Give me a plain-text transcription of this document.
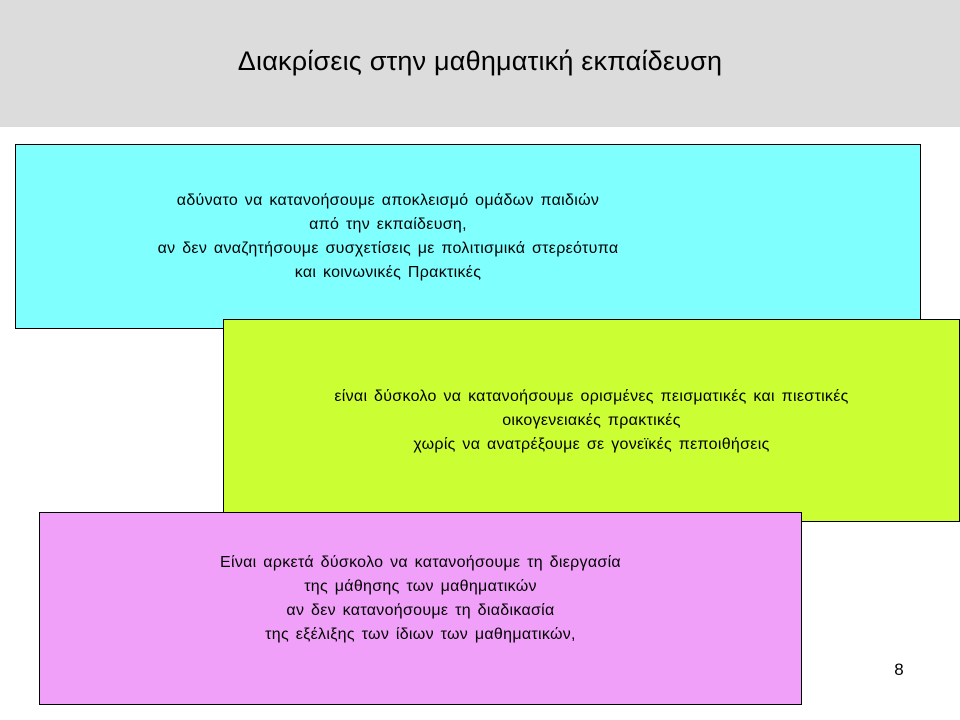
Διακρίσεις στην μαθηματική εκπαίδευση
αδύνατο να κατανοήσουμε αποκλεισμό ομάδων παιδιών
από την εκπαίδευση,
αν δεν αναζητήσουμε συσχετίσεις με πολιτισμικά στερεότυπα
και κοινωνικές Πρακτικές
είναι δύσκολο να κατανοήσουμε ορισμένες πεισματικές και πιεστικές
οικογενειακές πρακτικές
χωρίς να ανατρέξουμε σε γονεϊκές πεποιθήσεις
Είναι αρκετά δύσκολο να κατανοήσουμε τη διεργασία
της μάθησης των μαθηματικών
αν δεν κατανοήσουμε τη διαδικασία
της εξέλιξης των ίδιων των μαθηματικών,
8
